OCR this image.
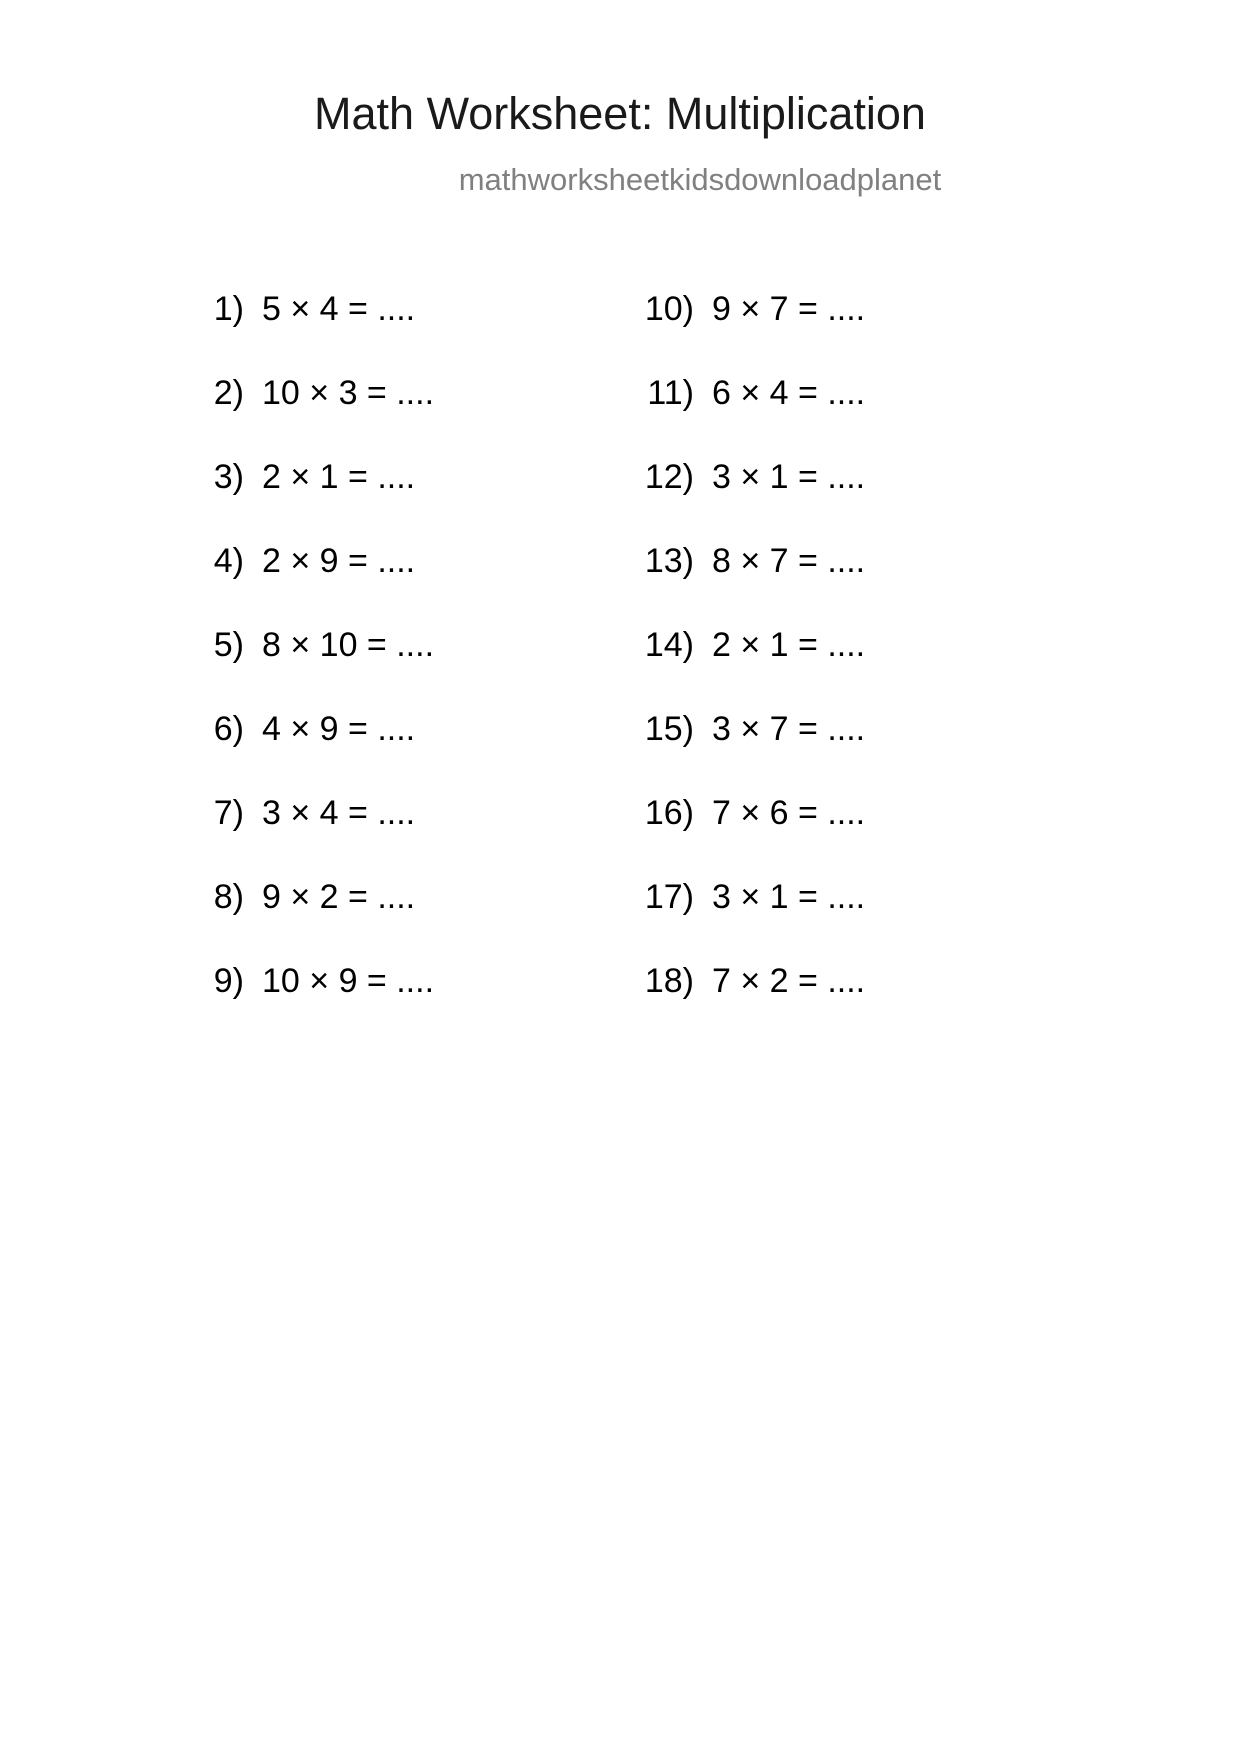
Math Worksheet: Multiplication
mathworksheetkidsdownloadplanet
1) 5 × 4 = ....
2) 10 × 3 = ....
3) 2 × 1 = ....
4) 2 × 9 = ....
5) 8 × 10 = ....
6) 4 × 9 = ....
7) 3 × 4 = ....
8) 9 × 2 = ....
9) 10 × 9 = ....
10) 9 × 7 = ....
11) 6 × 4 = ....
12) 3 × 1 = ....
13) 8 × 7 = ....
14) 2 × 1 = ....
15) 3 × 7 = ....
16) 7 × 6 = ....
17) 3 × 1 = ....
18) 7 × 2 = ....
